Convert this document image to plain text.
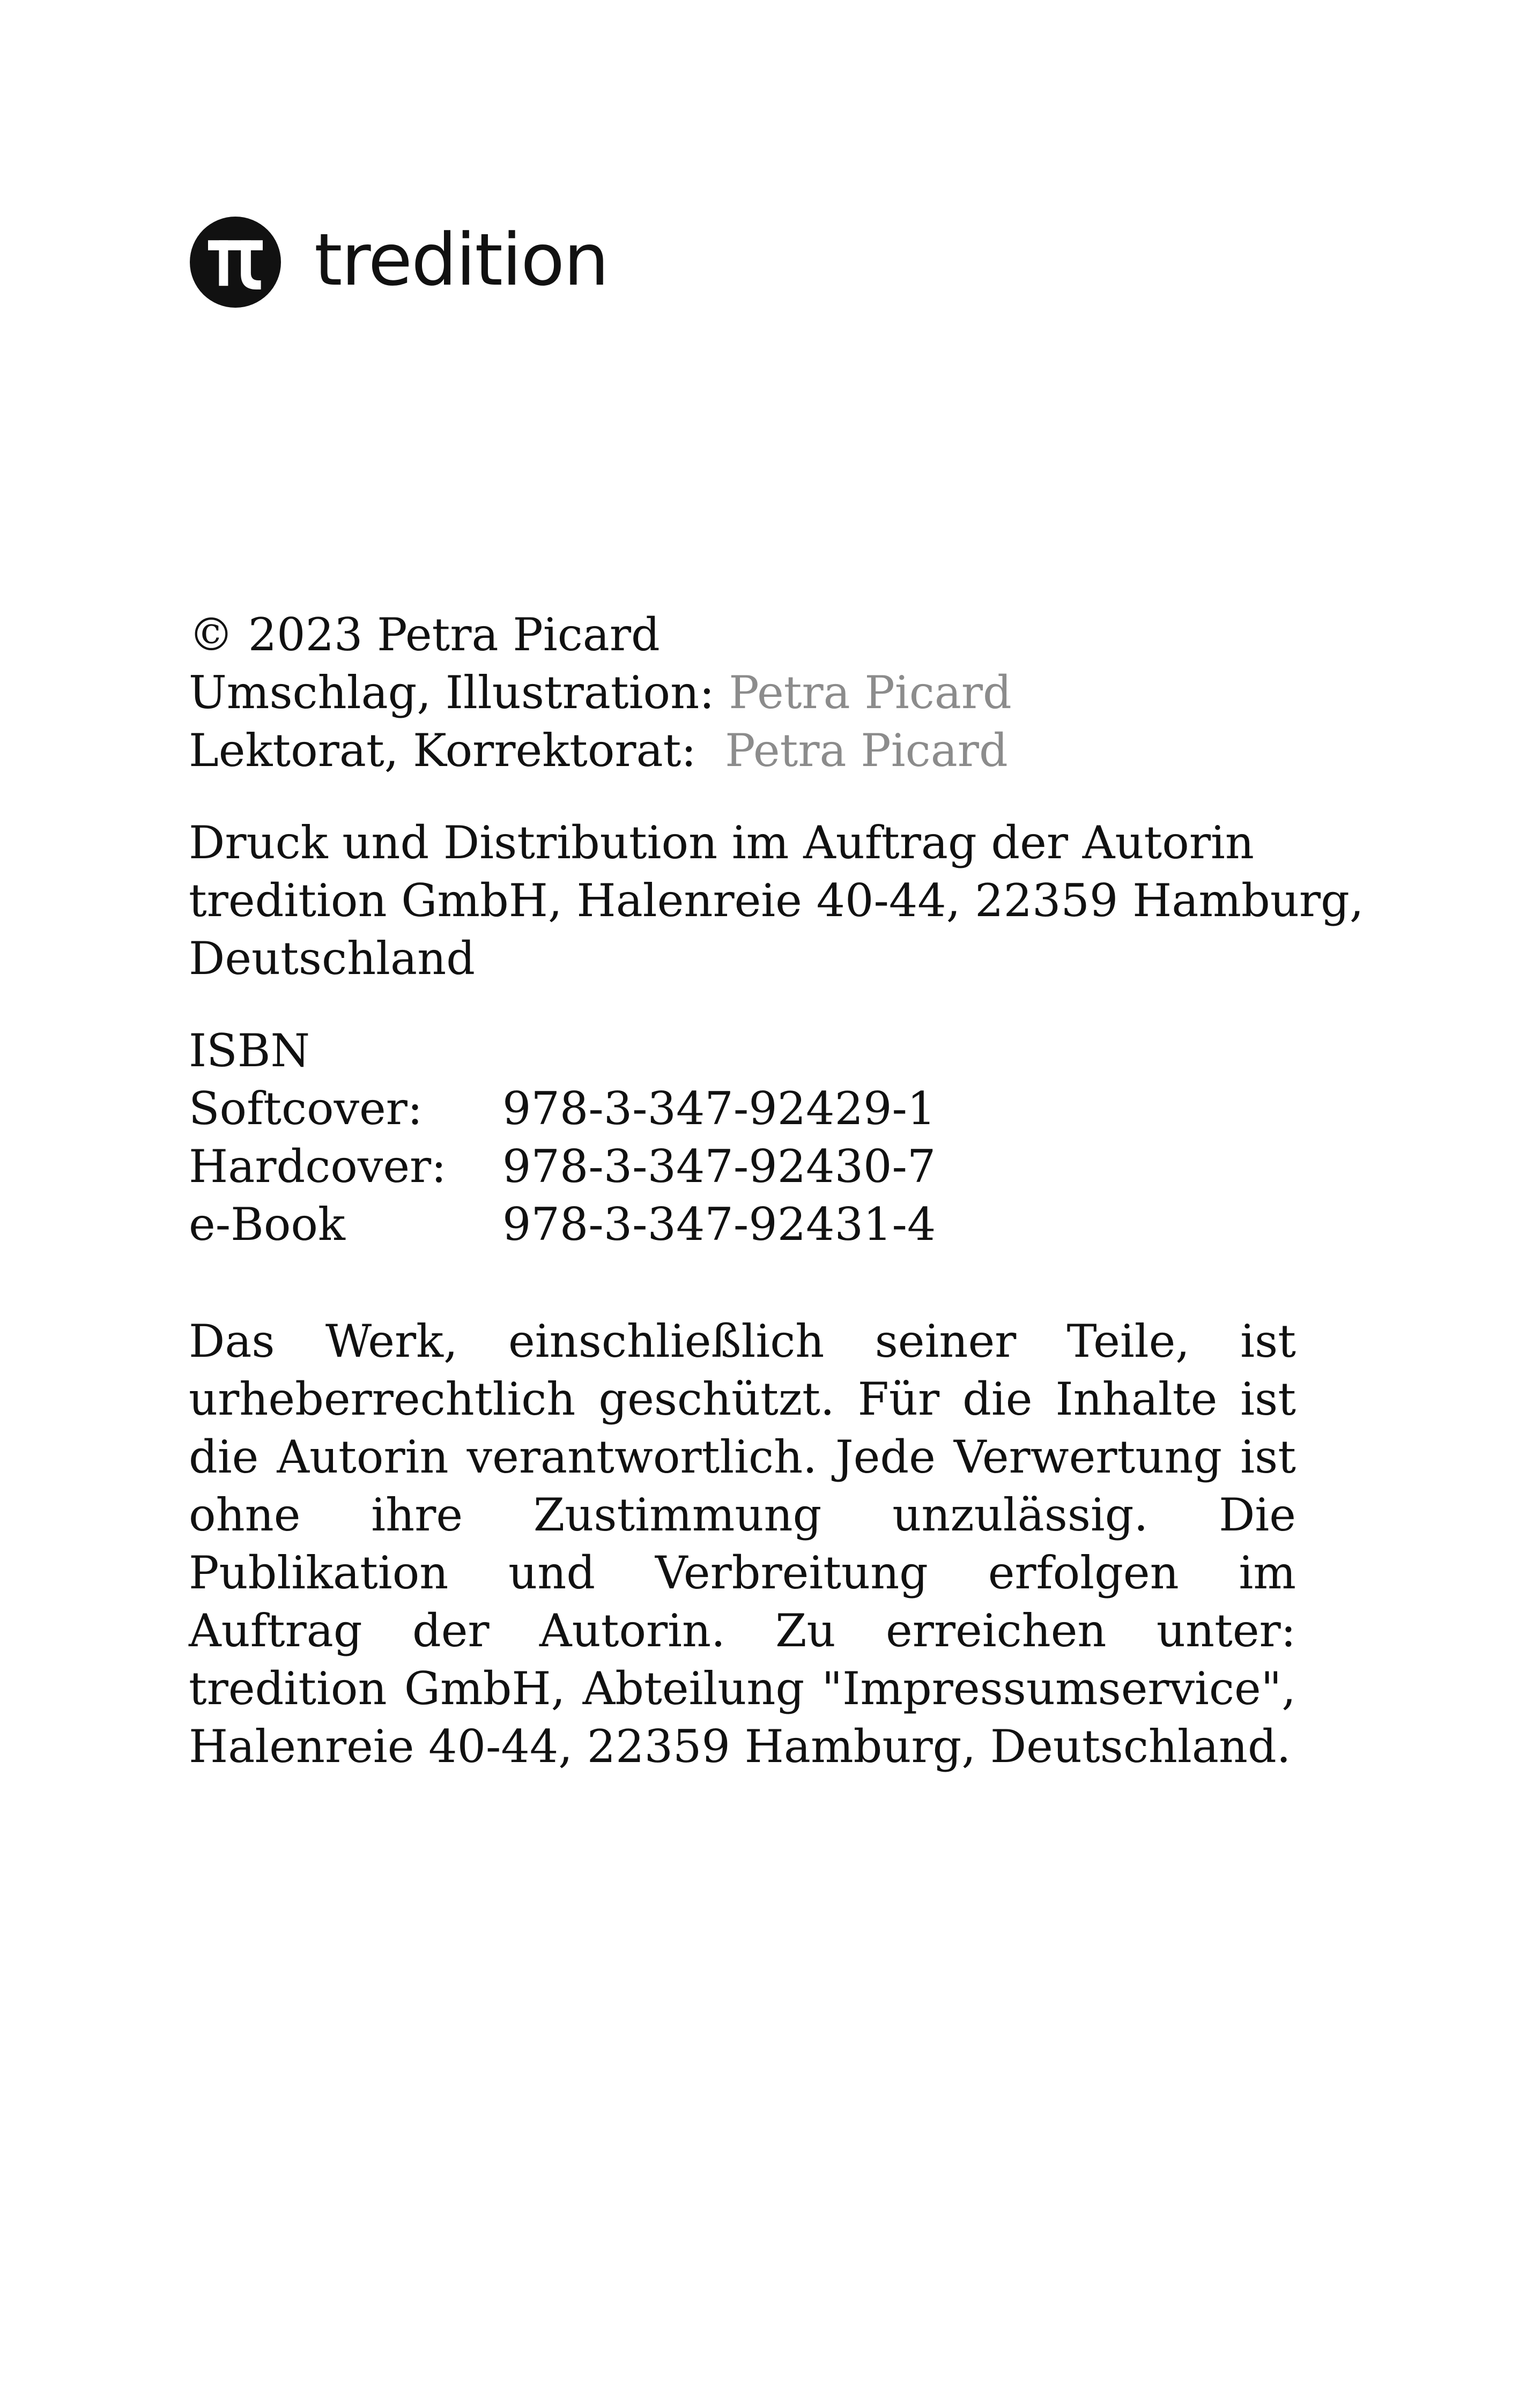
tredition
© 2023 Petra Picard
Umschlag, Illustration: Petra Picard
Lektorat, Korrektorat: Petra Picard
Druck und Distribution im Auftrag der Autorin
tredition GmbH, Halenreie 40-44, 22359 Hamburg,
Deutschland
ISBN
Softcover:	978-3-347-92429-1
Hardcover:	978-3-347-92430-7
e-Book	978-3-347-92431-4

Das Werk, einschließlich seiner Teile, ist urheberrechtlich geschützt. Für die Inhalte ist die Autorin verantwortlich. Jede Verwertung ist ohne ihre Zustimmung unzulässig. Die Publikation und Verbreitung erfolgen im Auftrag der Autorin. Zu erreichen unter: tredition GmbH, Abteilung "Impressumservice", Halenreie 40-44, 22359 Hamburg, Deutschland.
